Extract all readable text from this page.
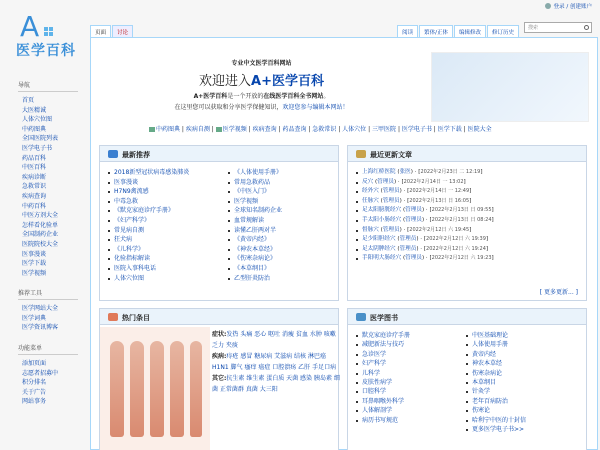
A
医学百科
登录 / 创建账户
页面	讨论	阅读	繁体/正体	编辑修改	修订历史
搜索
导航
首页
大医精诚
人体穴位图
中药图典
全国医院列表
医学电子书
药品百科
中医百科
疾病诊断
急救常识
疾病查询
中药百科
中医方剂大全
怎样看化验单
全国制药企业
医院院校大全
医事漫谈
医学下载
医学视频
推荐工具
医学网站大全
医学词典
医学资讯博客
功能菜单
添加页面
志愿者招募中
积分排名
关于广告
网站事务
专业中文医学百科网站
欢迎进入A+医学百科
A+医学百科是一个开放的在线医学百科全书网站。
在这里您可以获取和分享医学保健知识，欢迎您参与编辑本网站！
中药图典 | 疾病自测 | 医学视频 | 疾病查询 | 药品查询 | 急救常识 | 人体穴位 | 三甲医院 | 医学电子书 | 医学下载 | 医院大全
最新推荐
2018新型冠状病毒感染肺炎
医事漫谈
H7N9禽流感
中毒急救
《默克家庭诊疗手册》
《妇产科学》
常见病自测
狂犬病
《儿科学》
化验指标解读
医院入事科电话
人体穴位图
《人体使用手册》
常用急救药品
《中医入门》
医学视频
全球知名制药企业
血常规解读
读懂乙肝两对半
《黄帝内经》
《神农本草经》
《伤寒杂病论》
《本草纲目》
乙型肝炎防治
最近更新文章
上海红桥医院 (张医) · [2022年2月23日 二 12:19]
反穴 (管理员) · [2022年2月14日 一 13:02]
经外穴 (管理员) · [2022年2月14日 一 12:49]
任脉穴 (管理员) · [2022年2月13日 日 16:05]
足太阳膀胱经穴 (管理员) · [2022年2月13日 日 09:55]
手太阳小肠经穴 (管理员) · [2022年2月13日 日 08:24]
督脉穴 (管理员) · [2022年2月12日 六 19:45]
足少阳胆经穴 (管理员) · [2022年2月12日 六 19:39]
足太阴脾经穴 (管理员) · [2022年2月12日 六 19:24]
手阳明大肠经穴 (管理员) · [2022年2月12日 六 19:23]
[ 更多更新... ]
热门条目
症状:发热 头痛 恶心 呕吐 消瘦 贫血 水肿 咳嗽 乏力 夹痰
疾病:痔疮 感冒 糖尿病 艾滋病 结核 淋巴癌 H1N1 脚气 瘙痒 癌症 口腔溃疡 乙肝 手足口病
其它:抗生素 维生素 蛋白质 天菌 感染 胰岛素 细菌 正常菌群 真菌 大三阳
医学图书
默克家庭诊疗手册
减肥新法与技巧
急诊医学
妇产科学
儿科学
皮肤性病学
口腔科学
耳鼻咽喉外科学
人体解剖学
病历书写规范
中医基础理论
人体使用手册
黄帝内经
神农本草经
伤寒杂病论
本草纲目
针灸学
老年百病防治
伤寒论
哈利宁中医的十封信
更多医学电子书>>
